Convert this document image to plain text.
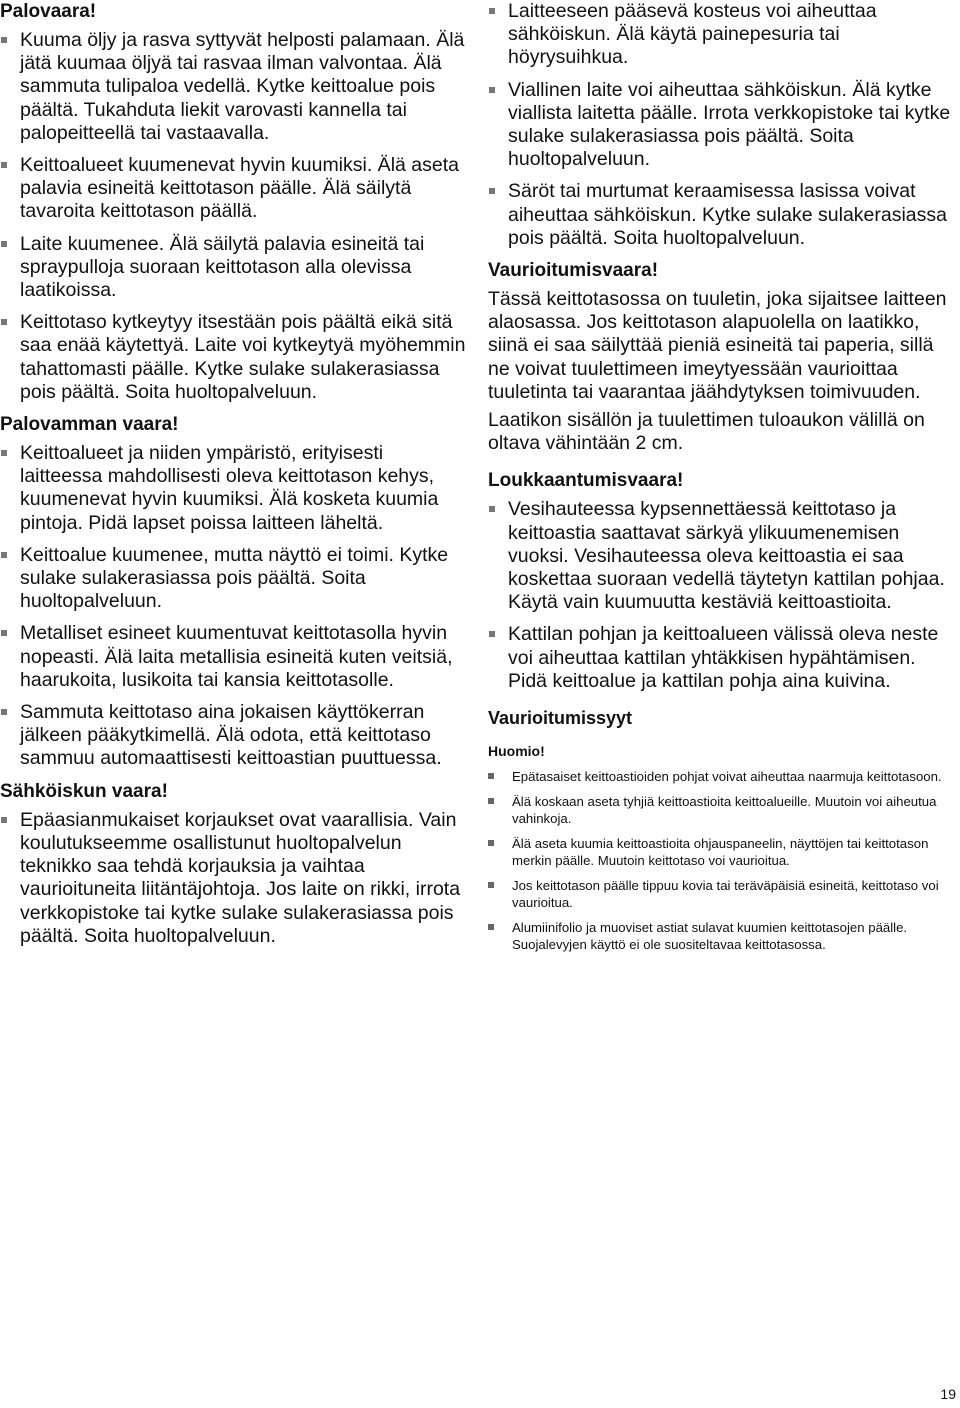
Palovaara!
Kuuma öljy ja rasva syttyvät helposti palamaan. Älä jätä kuumaa öljyä tai rasvaa ilman valvontaa. Älä sammuta tulipaloa vedellä. Kytke keittoalue pois päältä. Tukahduta liekit varovasti kannella tai palopeitteellä tai vastaavalla.
Keittoalueet kuumenevat hyvin kuumiksi. Älä aseta palavia esineitä keittotason päälle. Älä säilytä tavaroita keittotason päällä.
Laite kuumenee. Älä säilytä palavia esineitä tai spraypulloja suoraan keittotason alla olevissa laatikoissa.
Keittotaso kytkeytyy itsestään pois päältä eikä sitä saa enää käytettyä. Laite voi kytkeytyä myöhemmin tahattomasti päälle. Kytke sulake sulakerasiassa pois päältä. Soita huoltopalveluun.
Palovamman vaara!
Keittoalueet ja niiden ympäristö, erityisesti laitteessa mahdollisesti oleva keittotason kehys, kuumenevat hyvin kuumiksi. Älä kosketa kuumia pintoja. Pidä lapset poissa laitteen läheltä.
Keittoalue kuumenee, mutta näyttö ei toimi. Kytke sulake sulakerasiassa pois päältä. Soita huoltopalveluun.
Metalliset esineet kuumentuvat keittotasolla hyvin nopeasti. Älä laita metallisia esineitä kuten veitsiä, haarukoita, lusikoita tai kansia keittotasolle.
Sammuta keittotaso aina jokaisen käyttökerran jälkeen pääkytkimellä. Älä odota, että keittotaso sammuu automaattisesti keittoastian puuttuessa.
Sähköiskun vaara!
Epäasianmukaiset korjaukset ovat vaarallisia. Vain koulutukseemme osallistunut huoltopalvelun teknikko saa tehdä korjauksia ja vaihtaa vaurioituneita liitäntäjohtoja. Jos laite on rikki, irrota verkkopistoke tai kytke sulake sulakerasiassa pois päältä. Soita huoltopalveluun.
Laitteeseen pääsevä kosteus voi aiheuttaa sähköiskun. Älä käytä painepesuria tai höyrysuihkua.
Viallinen laite voi aiheuttaa sähköiskun. Älä kytke viallista laitetta päälle. Irrota verkkopistoke tai kytke sulake sulakerasiassa pois päältä. Soita huoltopalveluun.
Säröt tai murtumat keraamisessa lasissa voivat aiheuttaa sähköiskun. Kytke sulake sulakerasiassa pois päältä. Soita huoltopalveluun.
Vaurioitumisvaara!
Tässä keittotasossa on tuuletin, joka sijaitsee laitteen alaosassa. Jos keittotason alapuolella on laatikko, siinä ei saa säilyttää pieniä esineitä tai paperia, sillä ne voivat tuulettimeen imeytyessään vaurioittaa tuuletinta tai vaarantaa jäähdytyksen toimivuuden.
Laatikon sisällön ja tuulettimen tuloaukon välillä on oltava vähintään 2 cm.
Loukkaantumisvaara!
Vesihauteessa kypsennettäessä keittotaso ja keittoastia saattavat särkyä ylikuumenemisen vuoksi. Vesihauteessa oleva keittoastia ei saa koskettaa suoraan vedellä täytetyn kattilan pohjaa. Käytä vain kuumuutta kestäviä keittoastioita.
Kattilan pohjan ja keittoalueen välissä oleva neste voi aiheuttaa kattilan yhtäkkisen hypähtämisen. Pidä keittoalue ja kattilan pohja aina kuivina.
Vaurioitumissyyt
Huomio!
Epätasaiset keittoastioiden pohjat voivat aiheuttaa naarmuja keittotasoon.
Älä koskaan aseta tyhjiä keittoastioita keittoalueille. Muutoin voi aiheutua vahinkoja.
Älä aseta kuumia keittoastioita ohjauspaneelin, näyttöjen tai keittotason merkin päälle. Muutoin keittotaso voi vaurioitua.
Jos keittotason päälle tippuu kovia tai teräväpäisiä esineitä, keittotaso voi vaurioitua.
Alumiinifolio ja muoviset astiat sulavat kuumien keittotasojen päälle. Suojalevyjen käyttö ei ole suositeltavaa keittotasossa.
19
